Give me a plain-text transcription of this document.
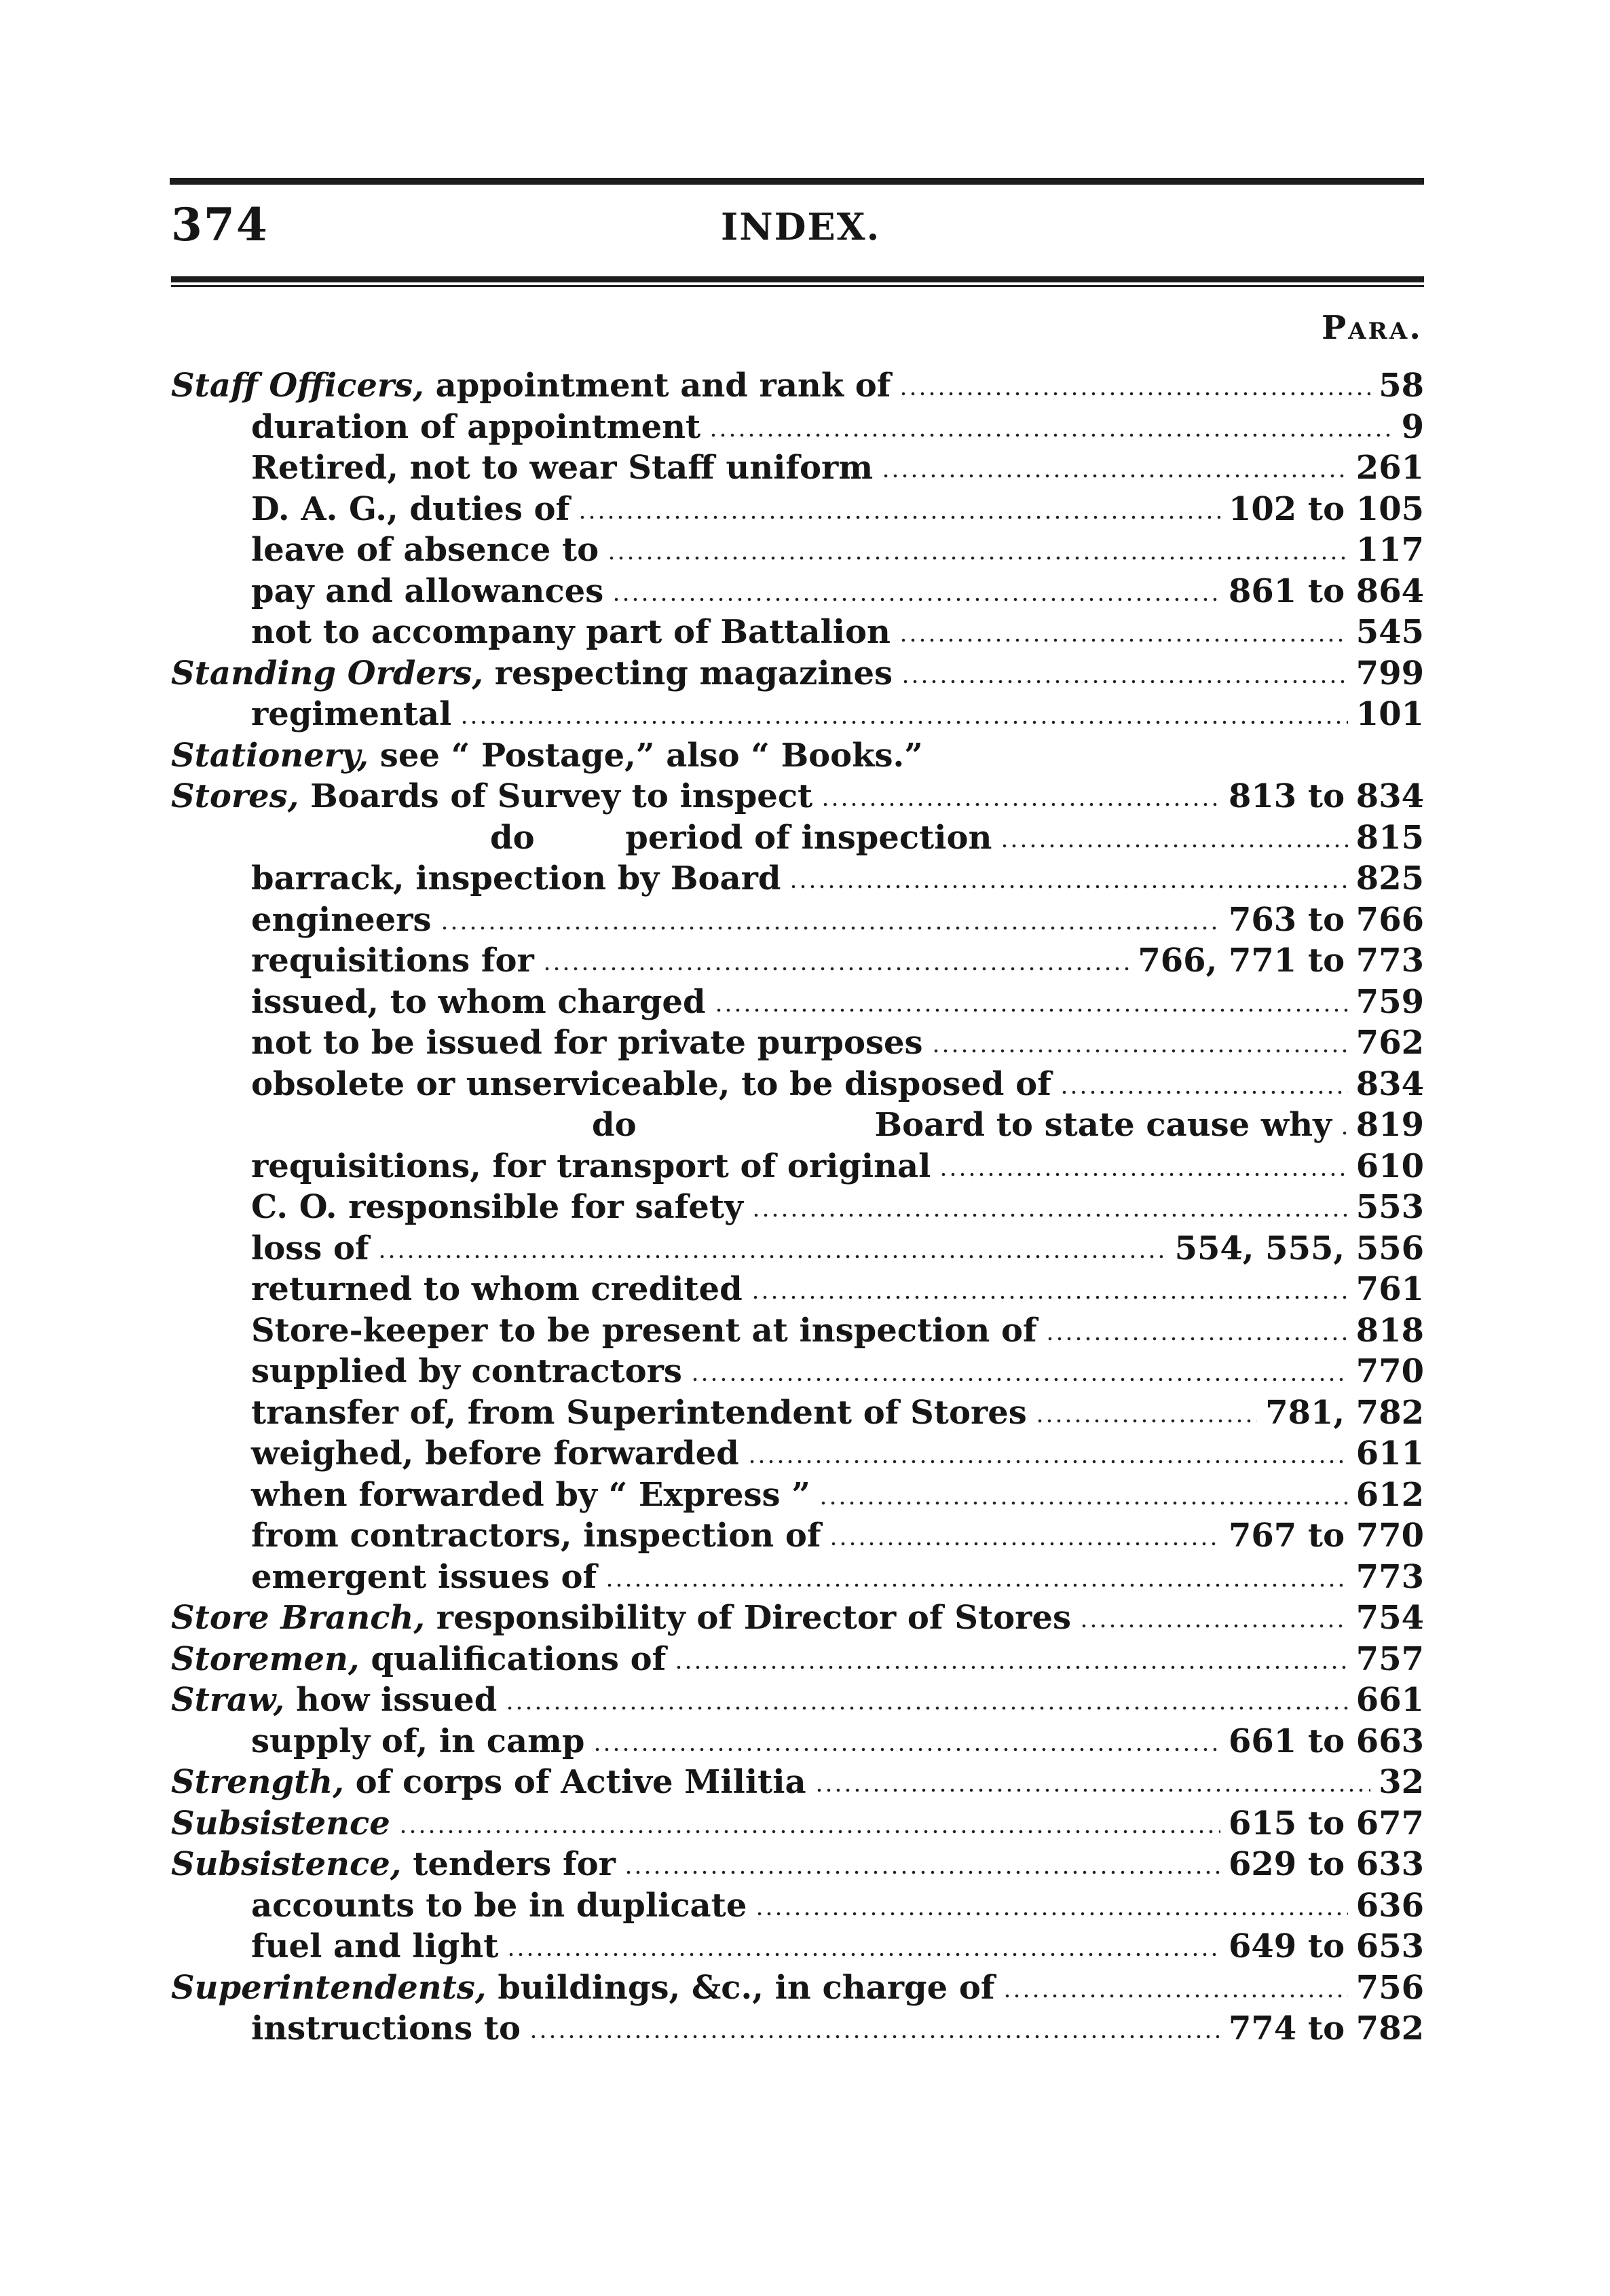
374	INDEX.
Para.
Staff Officers, appointment and rank of	58
duration of appointment	9
Retired, not to wear Staff uniform	261
D. A. G., duties of	102 to 105
leave of absence to	117
pay and allowances	861 to 864
not to accompany part of Battalion	545
Standing Orders, respecting magazines	799
regimental	101
Stationery, see “ Postage,” also “ Books.”
Stores, Boards of Survey to inspect	813 to 834
do        period of inspection	815
barrack, inspection by Board	825
engineers	763 to 766
requisitions for	766, 771 to 773
issued, to whom charged	759
not to be issued for private purposes	762
obsolete or unserviceable, to be disposed of	834
do                     Board to state cause why 819
requisitions, for transport of original	610
C. O. responsible for safety	553
loss of	554, 555, 556
returned to whom credited	761
Store-keeper to be present at inspection of	818
supplied by contractors	770
transfer of, from Superintendent of Stores	781, 782
weighed, before forwarded	611
when forwarded by “ Express ”	612
from contractors, inspection of	767 to 770
emergent issues of	773
Store Branch, responsibility of Director of Stores	754
Storemen, qualifications of	757
Straw, how issued	661
supply of, in camp	661 to 663
Strength, of corps of Active Militia	32
Subsistence	615 to 677
Subsistence, tenders for	629 to 633
accounts to be in duplicate	636
fuel and light	649 to 653
Superintendents, buildings, &c., in charge of	756
instructions to	774 to 782
